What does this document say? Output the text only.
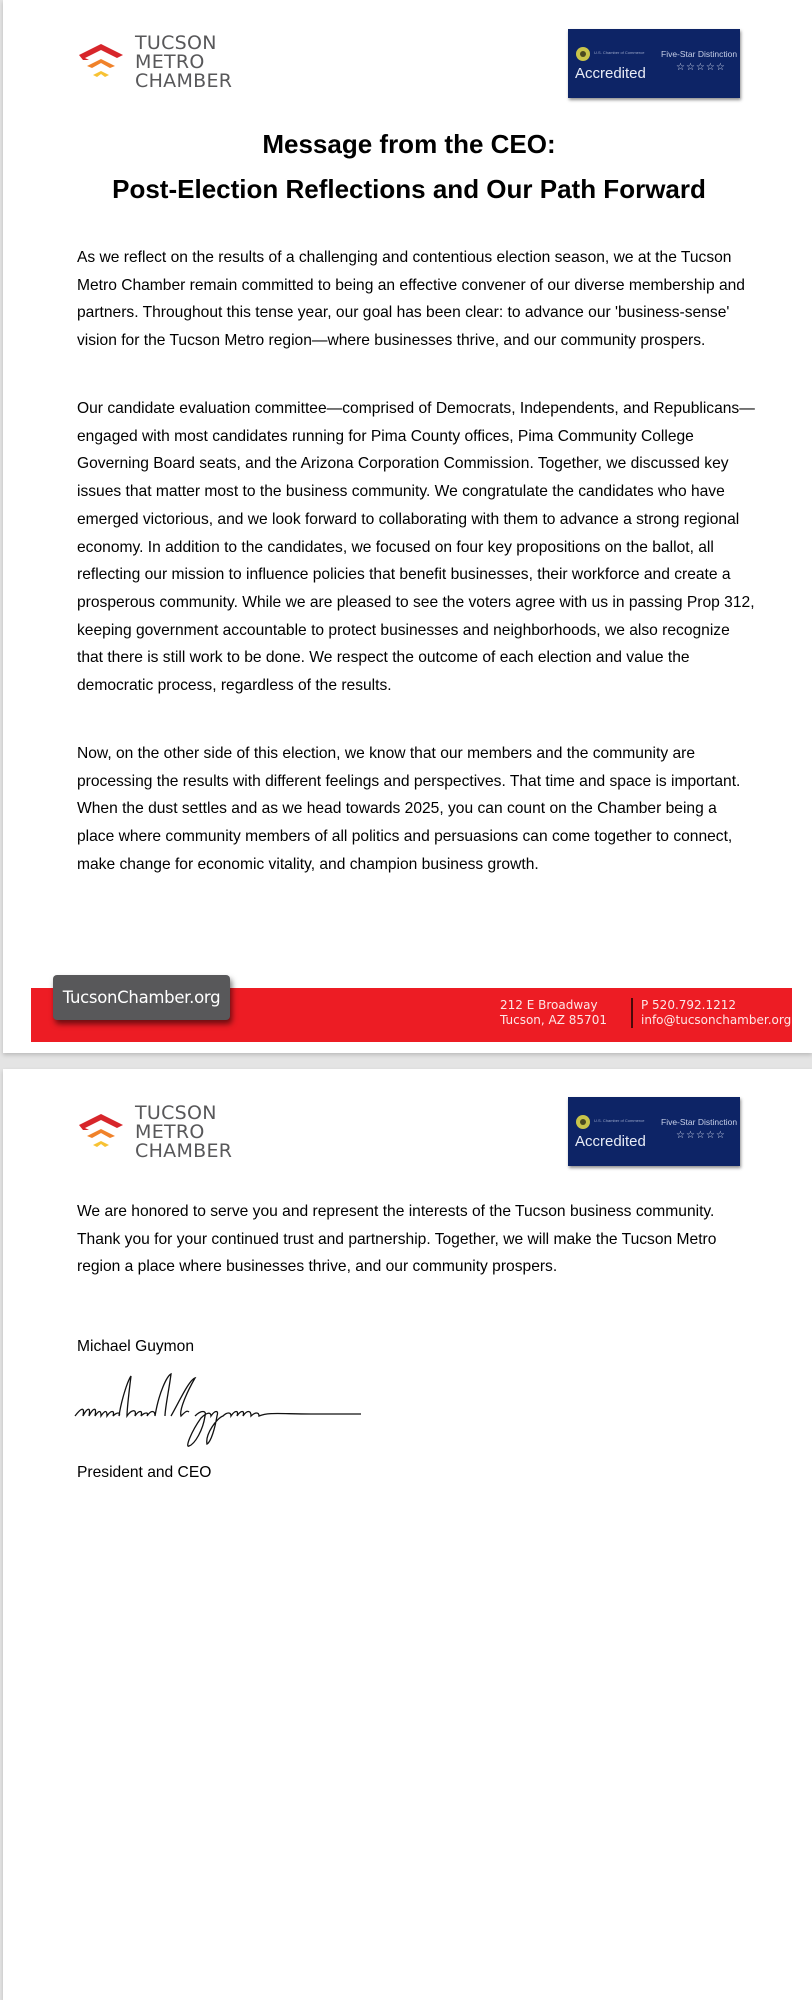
TUCSON
METRO
CHAMBER
U.S. Chamber of Commerce
Accredited
Five-Star Distinction
☆☆☆☆☆
Message from the CEO:
Post-Election Reflections and Our Path Forward

As we reflect on the results of a challenging and contentious election season, we at the Tucson Metro Chamber remain committed to being an effective convener of our diverse membership and partners. Throughout this tense year, our goal has been clear: to advance our 'business-sense' vision for the Tucson Metro region—where businesses thrive, and our community prospers.

Our candidate evaluation committee—comprised of Democrats, Independents, and Republicans—engaged with most candidates running for Pima County offices, Pima Community College Governing Board seats, and the Arizona Corporation Commission. Together, we discussed key issues that matter most to the business community. We congratulate the candidates who have emerged victorious, and we look forward to collaborating with them to advance a strong regional economy. In addition to the candidates, we focused on four key propositions on the ballot, all reflecting our mission to influence policies that benefit businesses, their workforce and create a prosperous community. While we are pleased to see the voters agree with us in passing Prop 312, keeping government accountable to protect businesses and neighborhoods, we also recognize that there is still work to be done. We respect the outcome of each election and value the democratic process, regardless of the results.

Now, on the other side of this election, we know that our members and the community are processing the results with different feelings and perspectives. That time and space is important. When the dust settles and as we head towards 2025, you can count on the Chamber being a place where community members of all politics and persuasions can come together to connect, make change for economic vitality, and champion business growth.

TucsonChamber.org	212 E Broadway
Tucson, AZ 85701
P 520.792.1212
info@tucsonchamber.org
TUCSON
METRO
CHAMBER
U.S. Chamber of Commerce
Accredited
Five-Star Distinction
☆☆☆☆☆

We are honored to serve you and represent the interests of the Tucson business community. Thank you for your continued trust and partnership. Together, we will make the Tucson Metro region a place where businesses thrive, and our community prospers.

Michael Guymon
President and CEO
